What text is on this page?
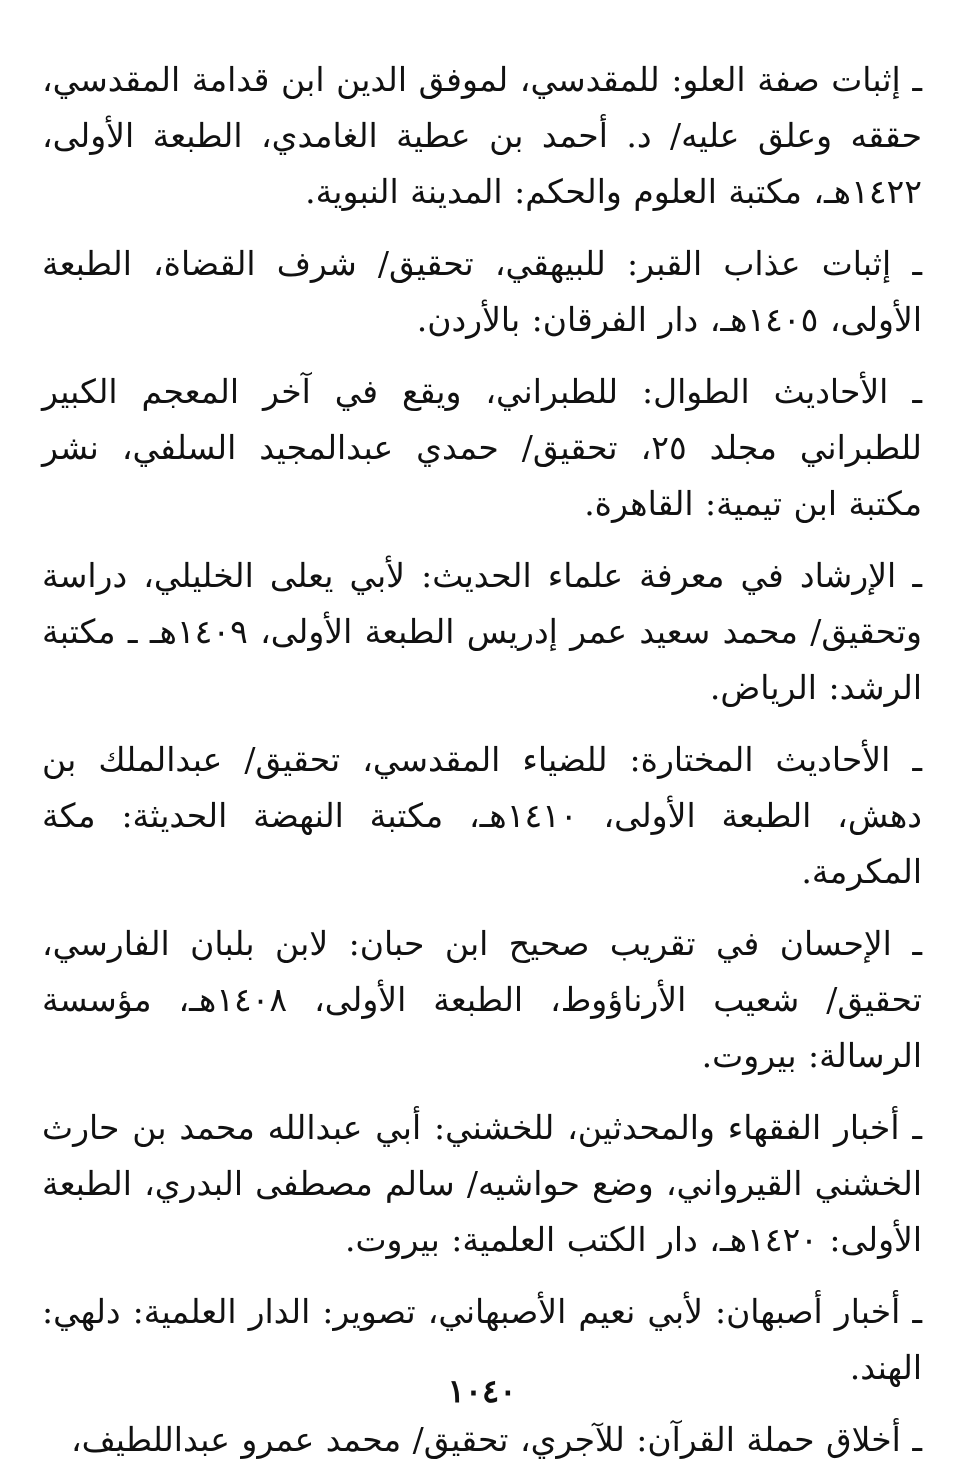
ـ إثبات صفة العلو: للمقدسي، لموفق الدين ابن قدامة المقدسي، حققه وعلق عليه/ د. أحمد بن عطية الغامدي، الطبعة الأولى، ١٤٢٢هـ، مكتبة العلوم والحكم: المدينة النبوية.
ـ إثبات عذاب القبر: للبيهقي، تحقيق/ شرف القضاة، الطبعة الأولى، ١٤٠٥هـ، دار الفرقان: بالأردن.
ـ الأحاديث الطوال: للطبراني، ويقع في آخر المعجم الكبير للطبراني مجلد ٢٥، تحقيق/ حمدي عبدالمجيد السلفي، نشر مكتبة ابن تيمية: القاهرة.
ـ الإرشاد في معرفة علماء الحديث: لأبي يعلى الخليلي، دراسة وتحقيق/ محمد سعيد عمر إدريس الطبعة الأولى، ١٤٠٩هـ ـ مكتبة الرشد: الرياض.
ـ الأحاديث المختارة: للضياء المقدسي، تحقيق/ عبدالملك بن دهش، الطبعة الأولى، ١٤١٠هـ، مكتبة النهضة الحديثة: مكة المكرمة.
ـ الإحسان في تقريب صحيح ابن حبان: لابن بلبان الفارسي، تحقيق/ شعيب الأرناؤوط، الطبعة الأولى، ١٤٠٨هـ، مؤسسة الرسالة: بيروت.
ـ أخبار الفقهاء والمحدثين، للخشني: أبي عبدالله محمد بن حارث الخشني القيرواني، وضع حواشيه/ سالم مصطفى البدري، الطبعة الأولى: ١٤٢٠هـ، دار الكتب العلمية: بيروت.
ـ أخبار أصبهان: لأبي نعيم الأصبهاني، تصوير: الدار العلمية: دلهي: الهند.
ـ أخلاق حملة القرآن: للآجري، تحقيق/ محمد عمرو عبداللطيف،
١٠٤٠
